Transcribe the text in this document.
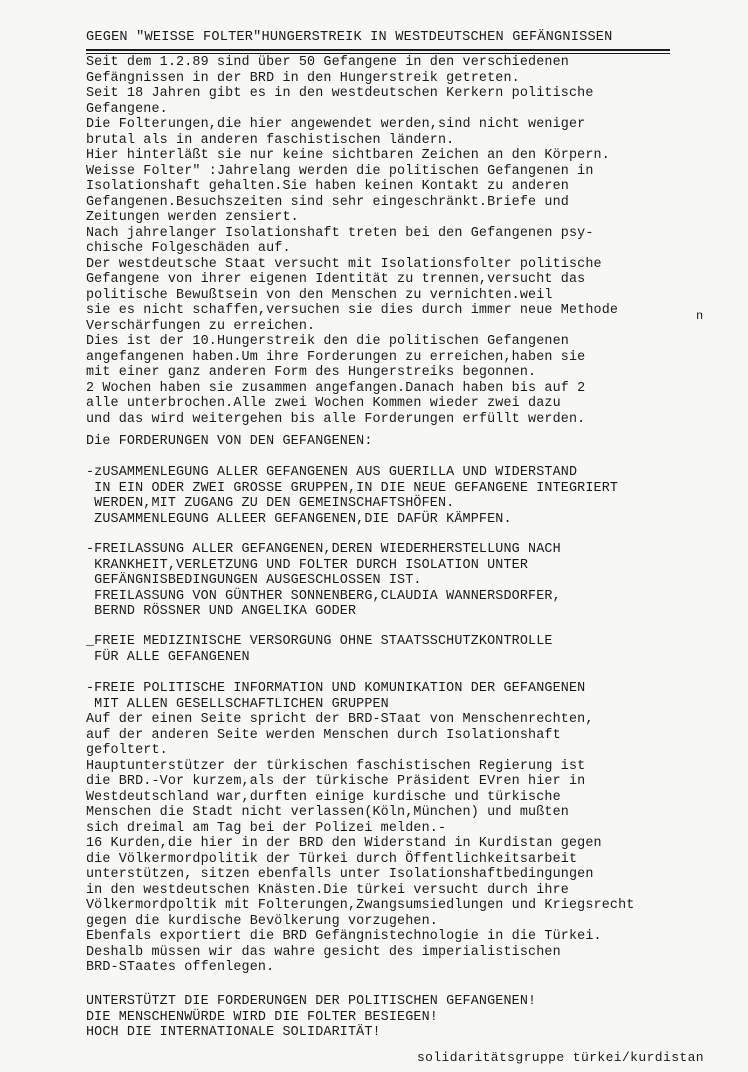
GEGEN "WEISSE FOLTER"HUNGERSTREIK IN WESTDEUTSCHEN GEFÄNGNISSEN
Seit dem 1.2.89 sind über 50 Gefangene in den verschiedenen
Gefängnissen in der BRD in den Hungerstreik getreten.
Seit 18 Jahren gibt es in den westdeutschen Kerkern politische
Gefangene.
Die Folterungen,die hier angewendet werden,sind nicht weniger
brutal als in anderen faschistischen ländern.
Hier hinterläßt sie nur keine sichtbaren Zeichen an den Körpern.
Weisse Folter" :Jahrelang werden die politischen Gefangenen in
Isolationshaft gehalten.Sie haben keinen Kontakt zu anderen
Gefangenen.Besuchszeiten sind sehr eingeschränkt.Briefe und
Zeitungen werden zensiert.
Nach jahrelanger Isolationshaft treten bei den Gefangenen psy-
chische Folgeschäden auf.
Der westdeutsche Staat versucht mit Isolationsfolter politische
Gefangene von ihrer eigenen Identität zu trennen,versucht das
politische Bewußtsein von den Menschen zu vernichten.weil
sie es nicht schaffen,versuchen sie dies durch immer neue Methode
Verschärfungen zu erreichen.
Dies ist der 10.Hungerstreik den die politischen Gefangenen
angefangenen haben.Um ihre Forderungen zu erreichen,haben sie
mit einer ganz anderen Form des Hungerstreiks begonnen.
2 Wochen haben sie zusammen angefangen.Danach haben bis auf 2
alle unterbrochen.Alle zwei Wochen Kommen wieder zwei dazu
und das wird weitergehen bis alle Forderungen erfüllt werden.
Die FORDERUNGEN VON DEN GEFANGENEN:
-zUSAMMENLEGUNG ALLER GEFANGENEN AUS GUERILLA UND WIDERSTAND
IN EIN ODER ZWEI GROSSE GRUPPEN,IN DIE NEUE GEFANGENE INTEGRIERT
WERDEN,MIT ZUGANG ZU DEN GEMEINSCHAFTSHÖFEN.
ZUSAMMENLEGUNG ALLEER GEFANGENEN,DIE DAFÜR KÄMPFEN.
-FREILASSUNG ALLER GEFANGENEN,DEREN WIEDERHERSTELLUNG NACH
KRANKHEIT,VERLETZUNG UND FOLTER DURCH ISOLATION UNTER
GEFÄNGNISBEDINGUNGEN AUSGESCHLOSSEN IST.
FREILASSUNG VON GÜNTHER SONNENBERG,CLAUDIA WANNERSDORFER,
BERND RÖSSNER UND ANGELIKA GODER
_FREIE MEDIZINISCHE VERSORGUNG OHNE STAATSSCHUTZKONTROLLE
FÜR ALLE GEFANGENEN
-FREIE POLITISCHE INFORMATION UND KOMUNIKATION DER GEFANGENEN
MIT ALLEN GESELLSCHAFTLICHEN GRUPPEN
Auf der einen Seite spricht der BRD-STaat von Menschenrechten,
auf der anderen Seite werden Menschen durch Isolationshaft
gefoltert.
Hauptunterstützer der türkischen faschistischen Regierung ist
die BRD.-Vor kurzem,als der türkische Präsident EVren hier in
Westdeutschland war,durften einige kurdische und türkische
Menschen die Stadt nicht verlassen(Köln,München) und mußten
sich dreimal am Tag bei der Polizei melden.-
16 Kurden,die hier in der BRD den Widerstand in Kurdistan gegen
die Völkermordpolitik der Türkei durch Öffentlichkeitsarbeit
unterstützen, sitzen ebenfalls unter Isolationshaftbedingungen
in den westdeutschen Knästen.Die türkei versucht durch ihre
Völkermordpoltik mit Folterungen,Zwangsumsiedlungen und Kriegsrecht
gegen die kurdische Bevölkerung vorzugehen.
Ebenfals exportiert die BRD Gefängnistechnologie in die Türkei.
Deshalb müssen wir das wahre gesicht des imperialistischen
BRD-STaates offenlegen.
UNTERSTÜTZT DIE FORDERUNGEN DER POLITISCHEN GEFANGENEN!
DIE MENSCHENWÜRDE WIRD DIE FOLTER BESIEGEN!
HOCH DIE INTERNATIONALE SOLIDARITÄT!
n
solidaritätsgruppe türkei/kurdistan
